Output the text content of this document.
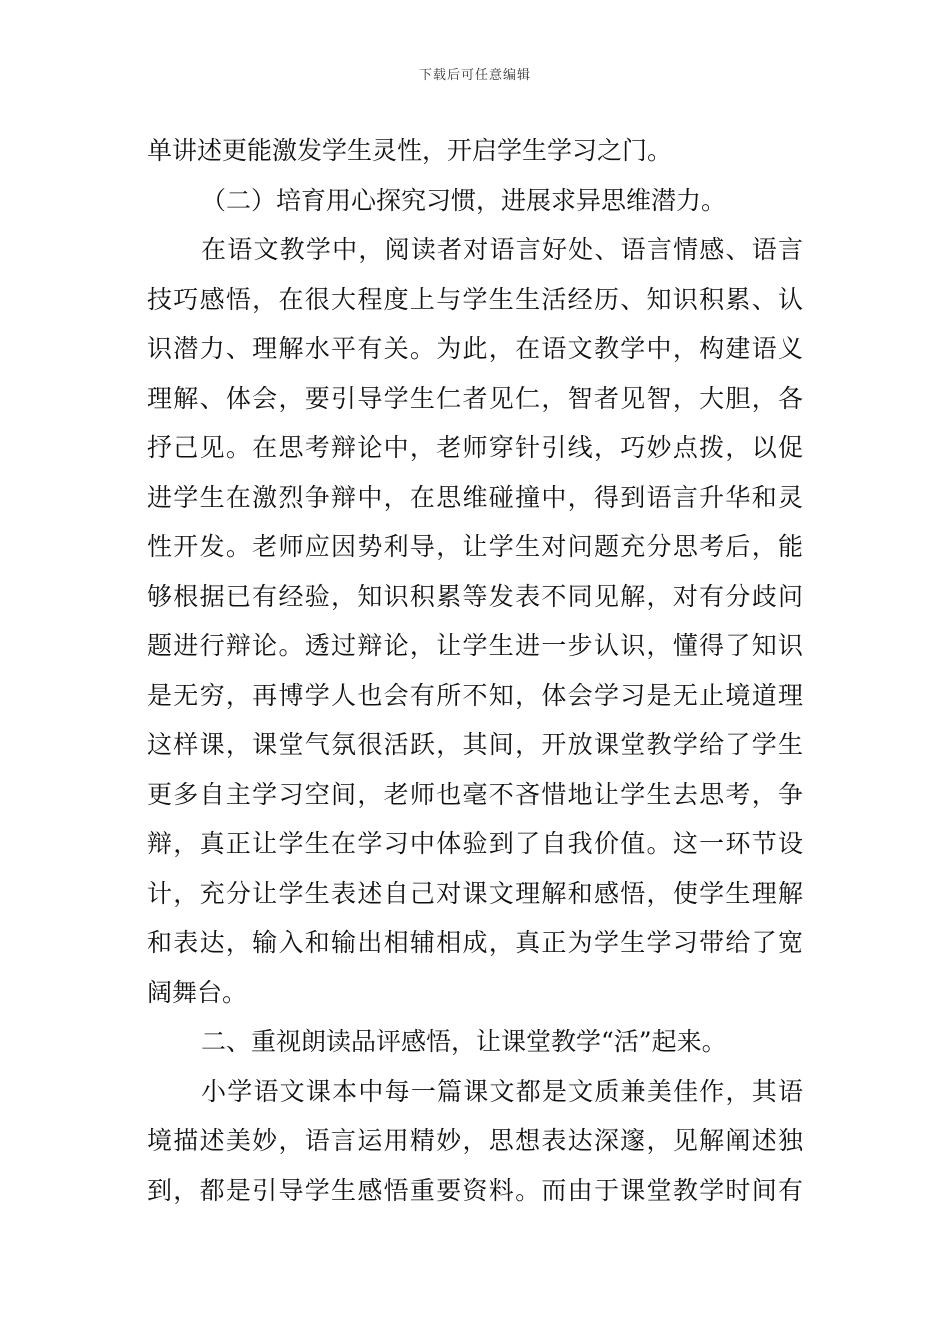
下载后可任意编辑
单讲述更能激发学生灵性，开启学生学习之门。
（二）培育用心探究习惯，进展求异思维潜力。
在语文教学中，阅读者对语言好处、语言情感、语言
技巧感悟，在很大程度上与学生生活经历、知识积累、认
识潜力、理解水平有关。为此，在语文教学中，构建语义
理解、体会，要引导学生仁者见仁，智者见智，大胆，各
抒己见。在思考辩论中，老师穿针引线，巧妙点拨，以促
进学生在激烈争辩中，在思维碰撞中，得到语言升华和灵
性开发。老师应因势利导，让学生对问题充分思考后，能
够根据已有经验，知识积累等发表不同见解，对有分歧问
题进行辩论。透过辩论，让学生进一步认识，懂得了知识
是无穷，再博学人也会有所不知，体会学习是无止境道理
这样课，课堂气氛很活跃，其间，开放课堂教学给了学生
更多自主学习空间，老师也毫不吝惜地让学生去思考，争
辩，真正让学生在学习中体验到了自我价值。这一环节设
计，充分让学生表述自己对课文理解和感悟，使学生理解
和表达，输入和输出相辅相成，真正为学生学习带给了宽
阔舞台。
二、重视朗读品评感悟，让课堂教学“活”起来。
小学语文课本中每一篇课文都是文质兼美佳作，其语
境描述美妙，语言运用精妙，思想表达深邃，见解阐述独
到，都是引导学生感悟重要资料。而由于课堂教学时间有
